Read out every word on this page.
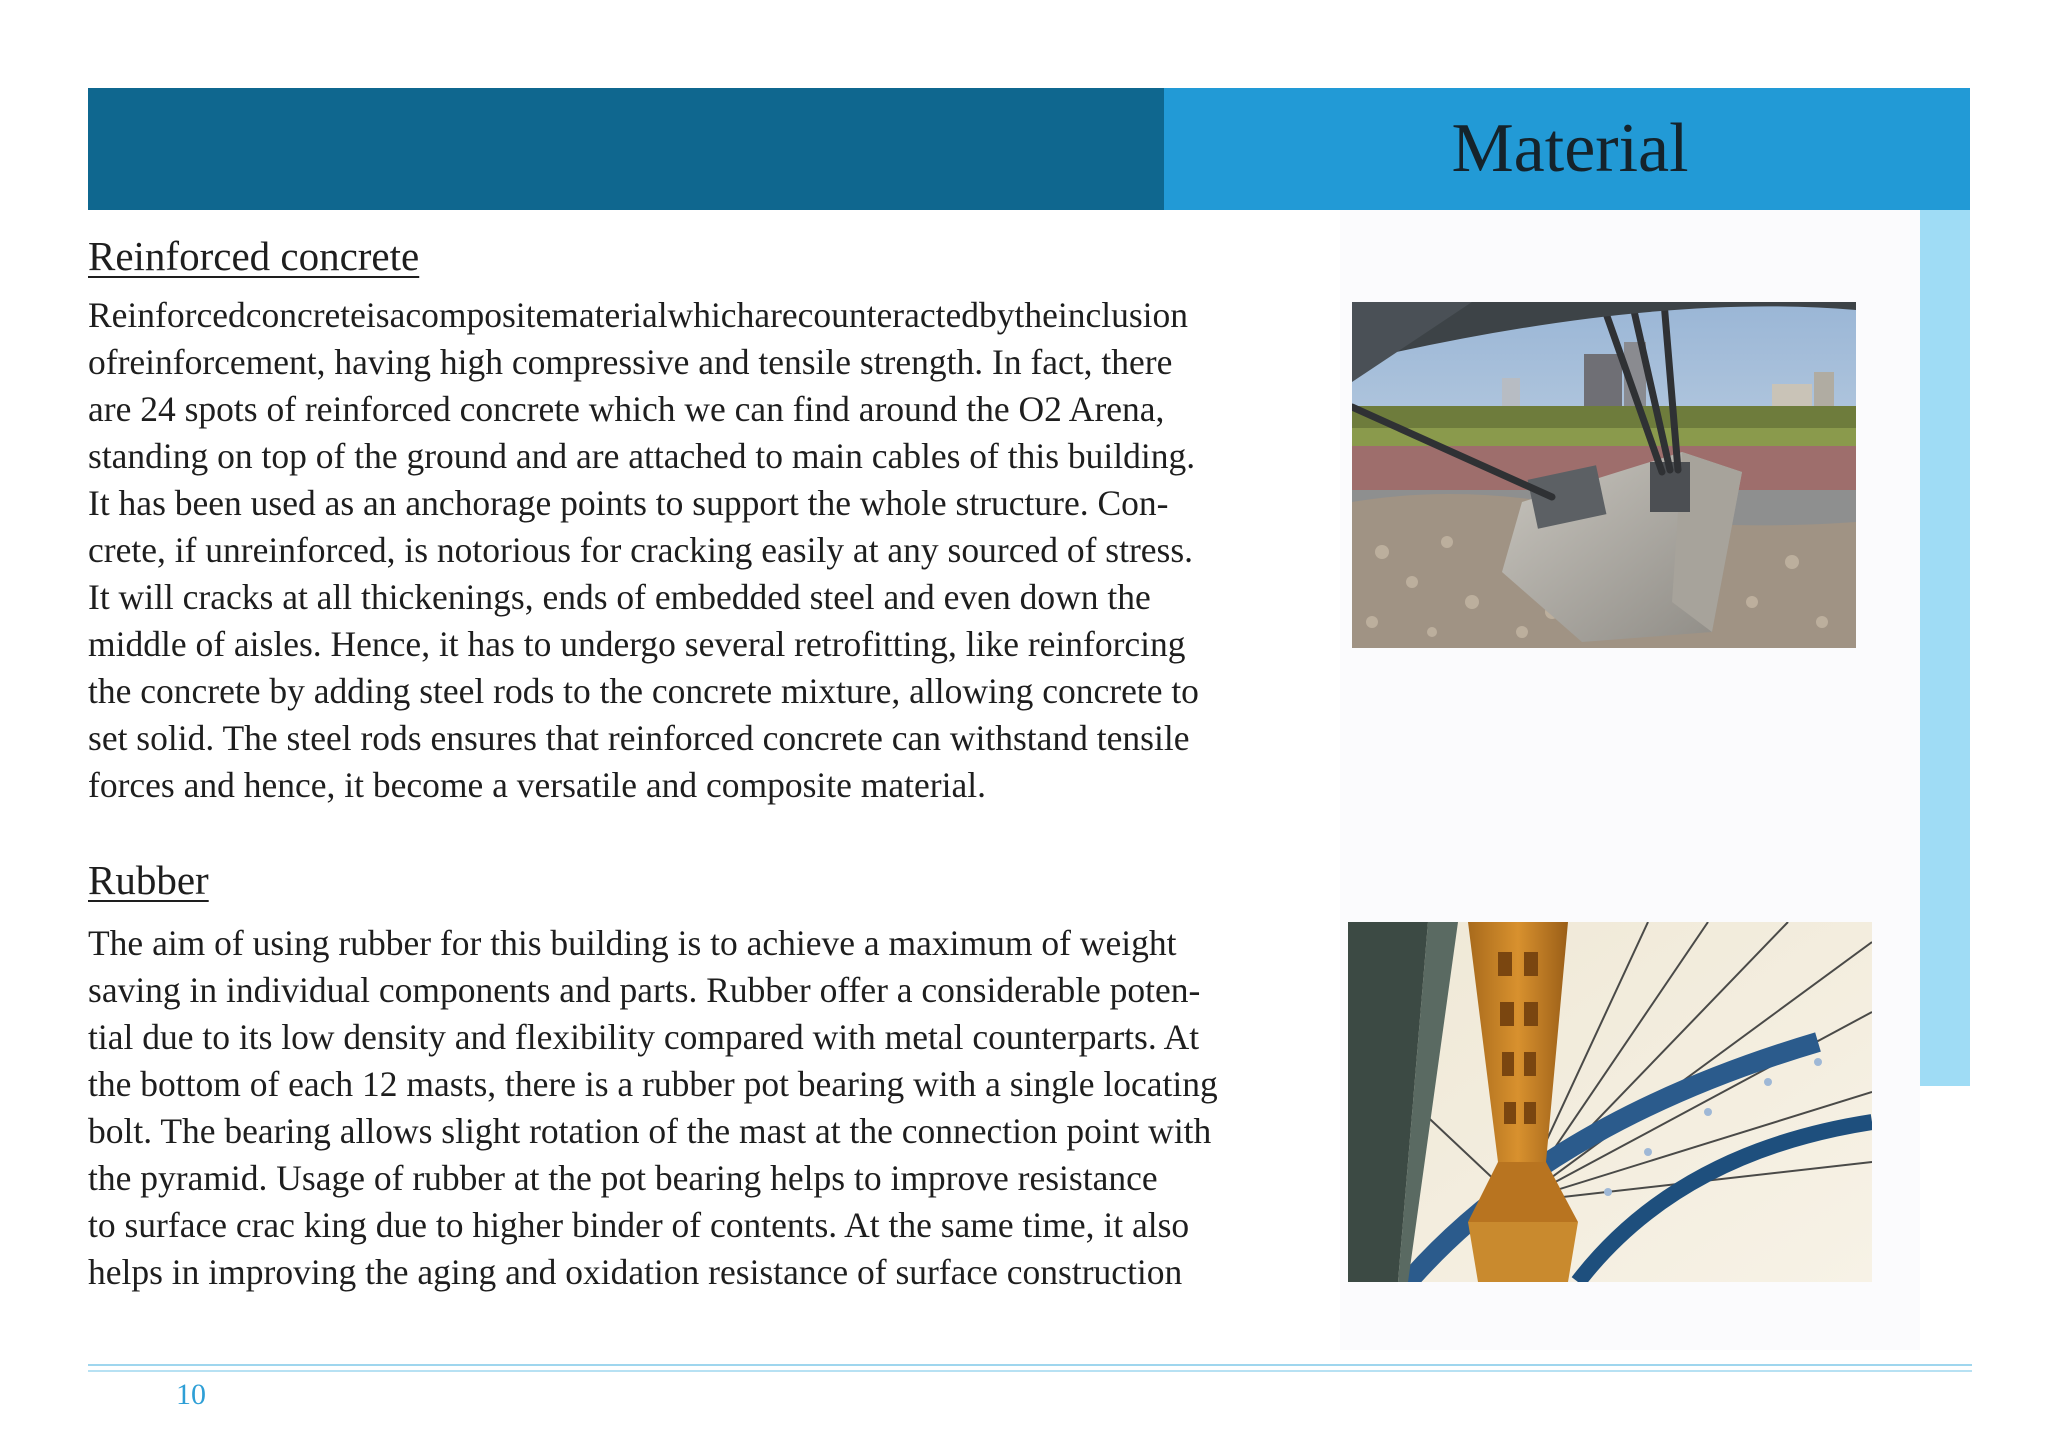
Material
Reinforced concrete
Reinforcedconcreteisacompositematerialwhicharecounteractedbytheinclusion
ofreinforcement, having high compressive and tensile strength. In fact, there
are 24 spots of reinforced concrete which we can find around the O2 Arena,
standing on top of the ground and are attached to main cables of this building.
It has been used as an anchorage points to support the whole structure. Con-
crete, if unreinforced, is notorious for cracking easily at any sourced of stress.
It will cracks at all thickenings, ends of embedded steel and even down the
middle of aisles. Hence, it has to undergo several retrofitting, like reinforcing
the concrete by adding steel rods to the concrete mixture, allowing concrete to
set solid. The steel rods ensures that reinforced concrete can withstand tensile
forces and hence, it become a versatile and composite material.
Rubber
The aim of using rubber for this building is to achieve a maximum of weight
saving in individual components and parts. Rubber offer a considerable poten-
tial due to its low density and flexibility compared with metal counterparts. At
the bottom of each 12 masts, there is a rubber pot bearing with a single locating
bolt. The bearing allows slight rotation of the mast at the connection point with
the pyramid. Usage of rubber at the pot bearing helps to improve resistance
to surface crac king due to higher binder of contents. At the same time, it also
helps in improving the aging and oxidation resistance of surface construction
10
